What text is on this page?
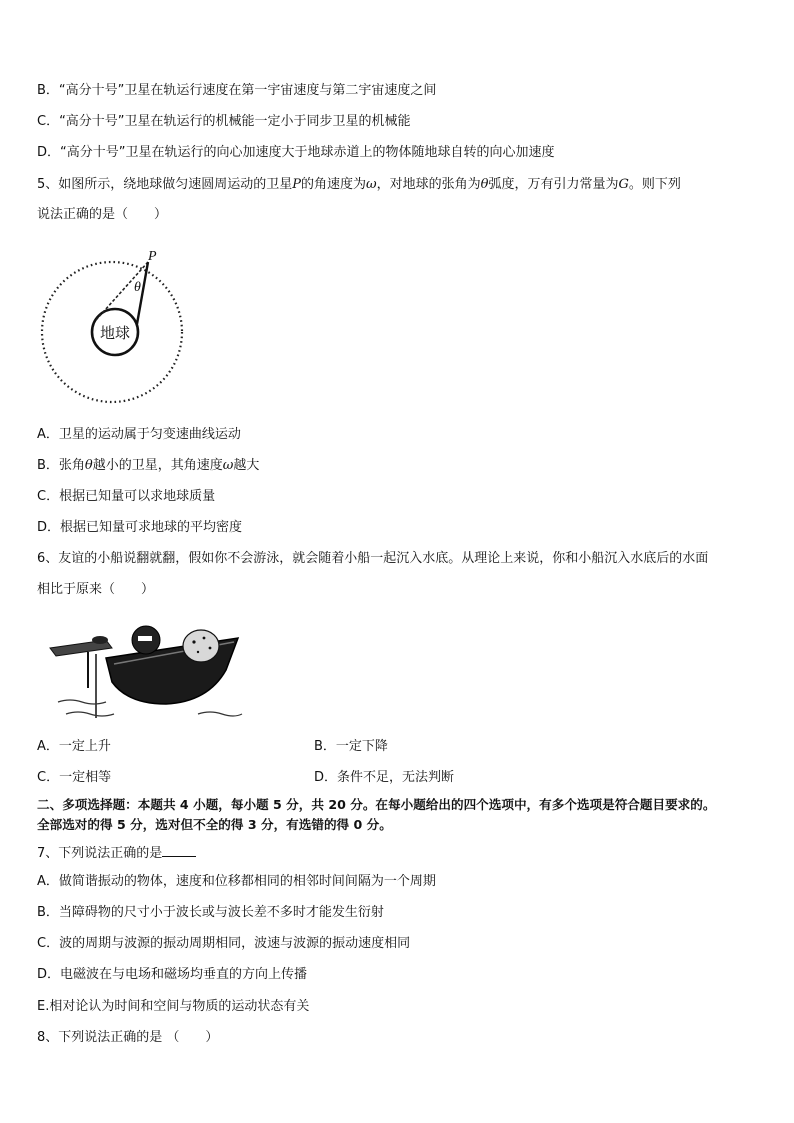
B．“高分十号”卫星在轨运行速度在第一宇宙速度与第二宇宙速度之间
C．“高分十号”卫星在轨运行的机械能一定小于同步卫星的机械能
D．“高分十号”卫星在轨运行的向心加速度大于地球赤道上的物体随地球自转的向心加速度
5、如图所示，绕地球做匀速圆周运动的卫星P的角速度为ω，对地球的张角为θ弧度，万有引力常量为G。则下列
说法正确的是（　　）
P
θ
地球
A．卫星的运动属于匀变速曲线运动
B．张角θ越小的卫星，其角速度ω越大
C．根据已知量可以求地球质量
D．根据已知量可求地球的平均密度
6、友谊的小船说翻就翻，假如你不会游泳，就会随着小船一起沉入水底。从理论上来说，你和小船沉入水底后的水面
相比于原来（　　）
A．一定上升	B．一定下降
C．一定相等	D．条件不足，无法判断
二、多项选择题：本题共 4 小题，每小题 5 分，共 20 分。在每小题给出的四个选项中，有多个选项是符合题目要求的。
全部选对的得 5 分，选对但不全的得 3 分，有选错的得 0 分。
7、下列说法正确的是
A．做简谐振动的物体，速度和位移都相同的相邻时间间隔为一个周期
B．当障碍物的尺寸小于波长或与波长差不多时才能发生衍射
C．波的周期与波源的振动周期相同，波速与波源的振动速度相同
D．电磁波在与电场和磁场均垂直的方向上传播
E.相对论认为时间和空间与物质的运动状态有关
8、下列说法正确的是 （　　）
